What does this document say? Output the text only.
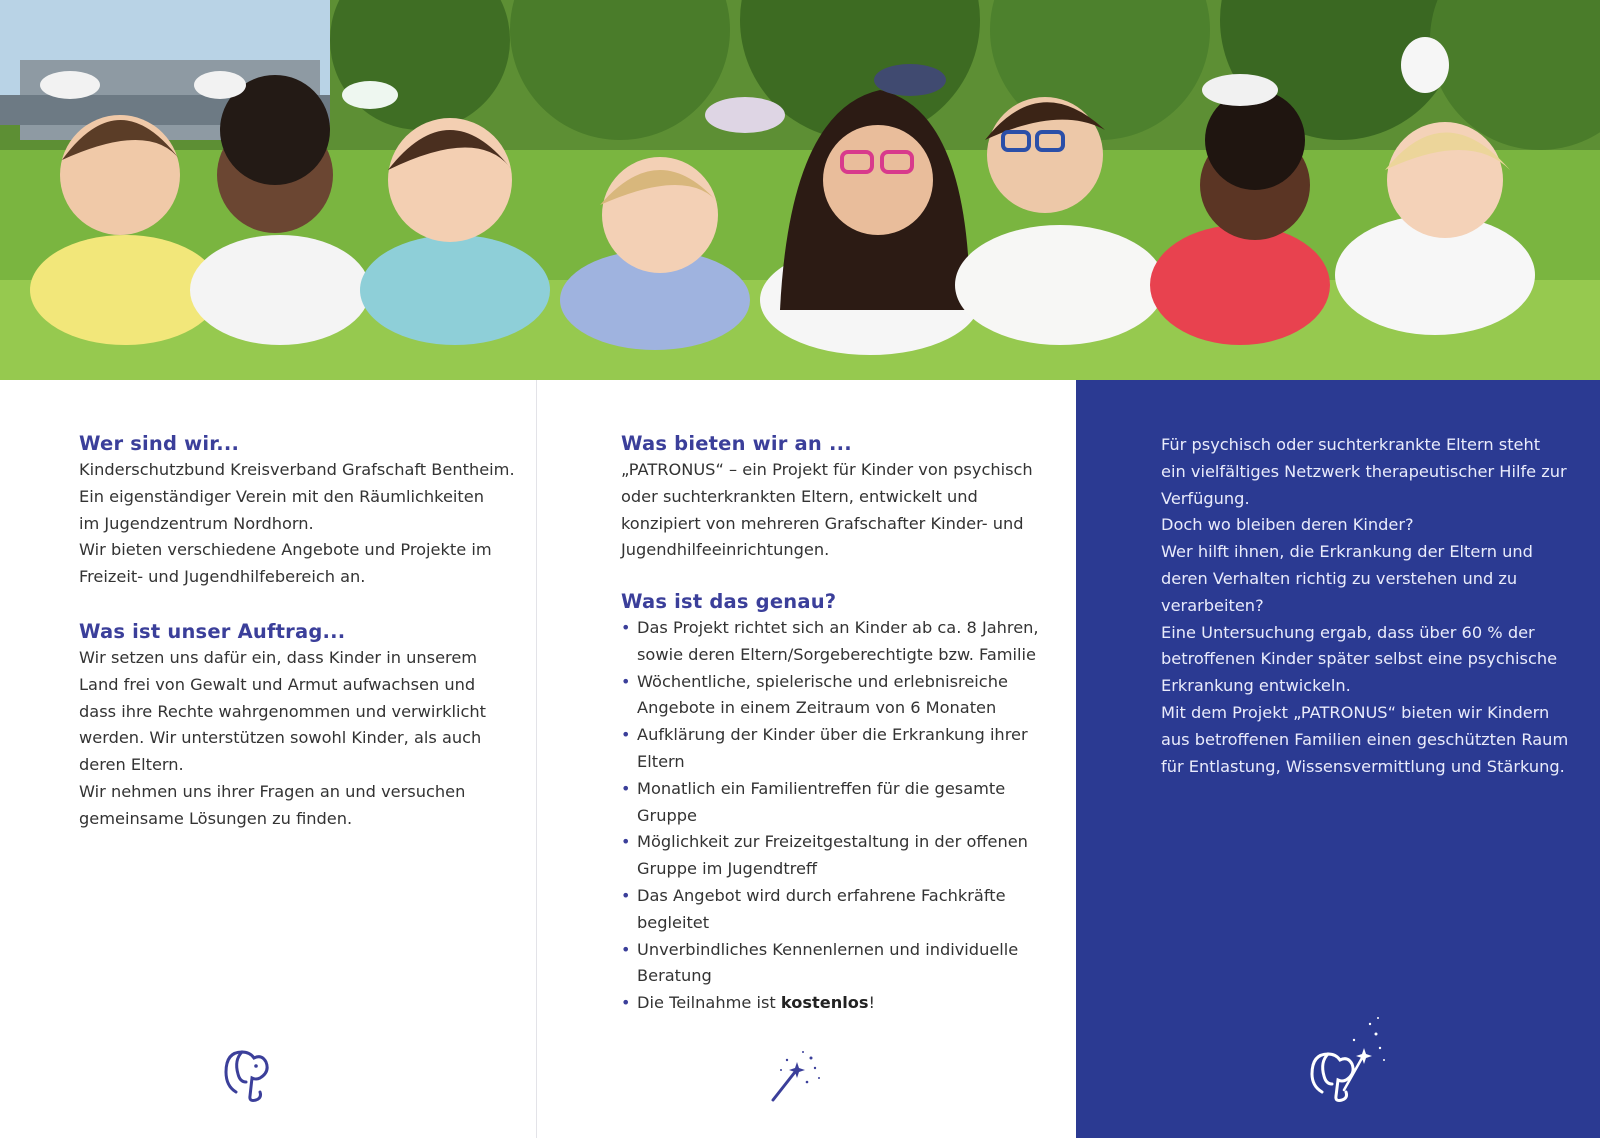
Wer sind wir...

Kinderschutzbund Kreisverband Grafschaft Bentheim.
Ein eigenständiger Verein mit den Räumlichkeiten
im Jugendzentrum Nordhorn.
Wir bieten verschiedene Angebote und Projekte im
Freizeit- und Jugendhilfebereich an.

Was ist unser Auftrag...

Wir setzen uns dafür ein, dass Kinder in unserem
Land frei von Gewalt und Armut aufwachsen und
dass ihre Rechte wahrgenommen und verwirklicht
werden. Wir unterstützen sowohl Kinder, als auch
deren Eltern.
Wir nehmen uns ihrer Fragen an und versuchen
gemeinsame Lösungen zu finden.

Was bieten wir an ...

„PATRONUS“ – ein Projekt für Kinder von psychisch
oder suchterkrankten Eltern, entwickelt und
konzipiert von mehreren Grafschafter Kinder- und
Jugendhilfeeinrichtungen.

Was ist das genau?
• Das Projekt richtet sich an Kinder ab ca. 8 Jahren, sowie deren Eltern/Sorgeberechtigte bzw. Familie
• Wöchentliche, spielerische und erlebnisreiche Angebote in einem Zeitraum von 6 Monaten
• Aufklärung der Kinder über die Erkrankung ihrer Eltern
• Monatlich ein Familientreffen für die gesamte Gruppe
• Möglichkeit zur Freizeitgestaltung in der offenen Gruppe im Jugendtreff
• Das Angebot wird durch erfahrene Fachkräfte begleitet
• Unverbindliches Kennenlernen und individuelle Beratung
• Die Teilnahme ist kostenlos!

Für psychisch oder suchterkrankte Eltern steht
ein vielfältiges Netzwerk therapeutischer Hilfe zur
Verfügung.
Doch wo bleiben deren Kinder?
Wer hilft ihnen, die Erkrankung der Eltern und
deren Verhalten richtig zu verstehen und zu
verarbeiten?
Eine Untersuchung ergab, dass über 60 % der
betroffenen Kinder später selbst eine psychische
Erkrankung entwickeln.
Mit dem Projekt „PATRONUS“ bieten wir Kindern
aus betroffenen Familien einen geschützten Raum
für Entlastung, Wissensvermittlung und Stärkung.
